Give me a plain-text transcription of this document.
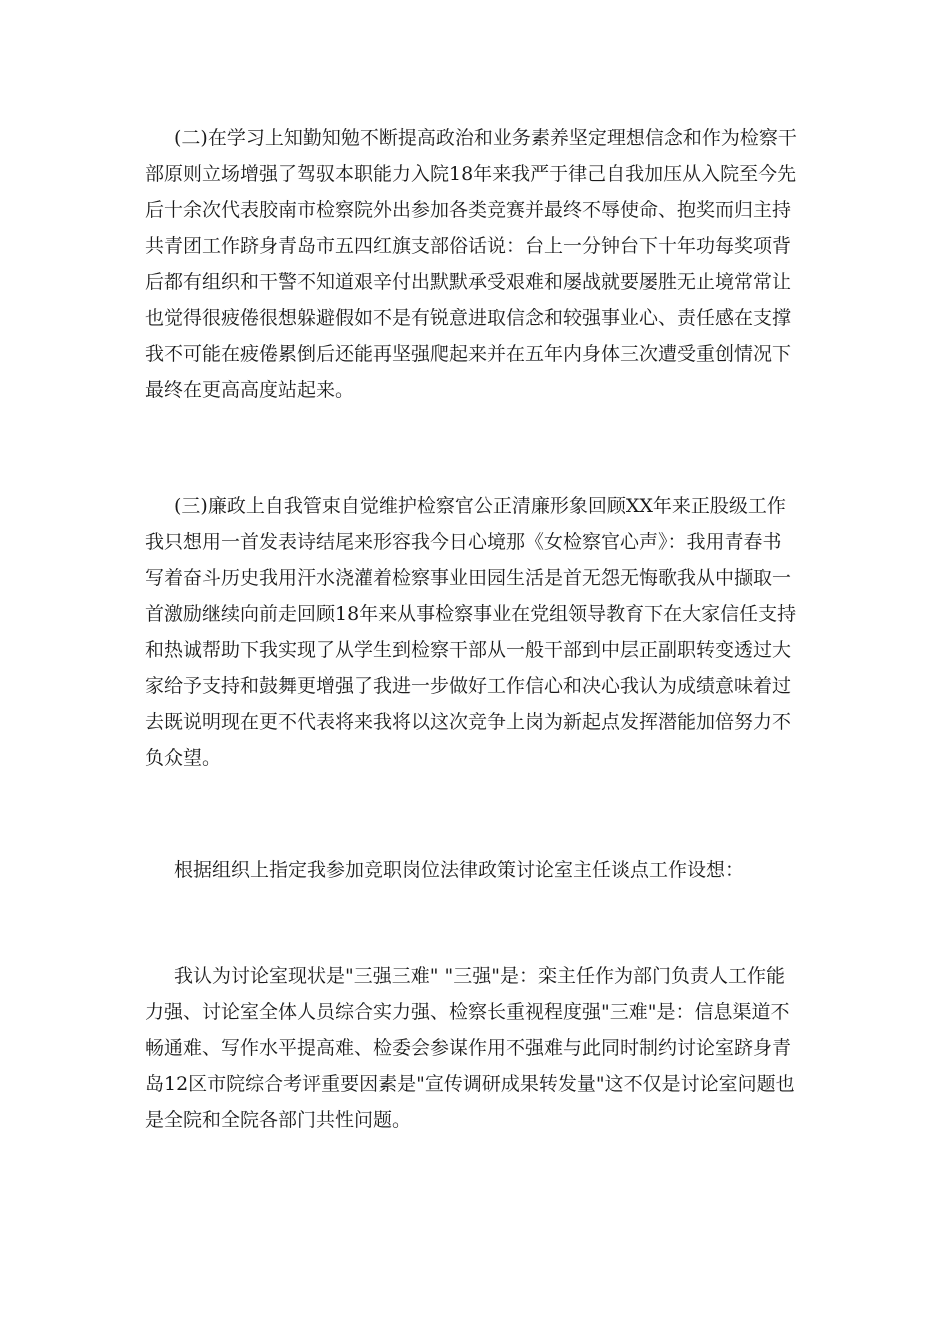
(二)在学习上知勤知勉不断提高政治和业务素养坚定理想信念和作为检察干
部原则立场增强了驾驭本职能力入院18年来我严于律己自我加压从入院至今先
后十余次代表胶南市检察院外出参加各类竞赛并最终不辱使命、抱奖而归主持
共青团工作跻身青岛市五四红旗支部俗话说：台上一分钟台下十年功每奖项背
后都有组织和干警不知道艰辛付出默默承受艰难和屡战就要屡胜无止境常常让
也觉得很疲倦很想躲避假如不是有锐意进取信念和较强事业心、责任感在支撑
我不可能在疲倦累倒后还能再坚强爬起来并在五年内身体三次遭受重创情况下
最终在更高高度站起来。

(三)廉政上自我管束自觉维护检察官公正清廉形象回顾XX年来正股级工作
我只想用一首发表诗结尾来形容我今日心境那《女检察官心声》：我用青春书
写着奋斗历史我用汗水浇灌着检察事业田园生活是首无怨无悔歌我从中撷取一
首激励继续向前走回顾18年来从事检察事业在党组领导教育下在大家信任支持
和热诚帮助下我实现了从学生到检察干部从一般干部到中层正副职转变透过大
家给予支持和鼓舞更增强了我进一步做好工作信心和决心我认为成绩意味着过
去既说明现在更不代表将来我将以这次竞争上岗为新起点发挥潜能加倍努力不
负众望。

根据组织上指定我参加竞职岗位法律政策讨论室主任谈点工作设想：

我认为讨论室现状是"三强三难" "三强"是：栾主任作为部门负责人工作能
力强、讨论室全体人员综合实力强、检察长重视程度强"三难"是：信息渠道不
畅通难、写作水平提高难、检委会参谋作用不强难与此同时制约讨论室跻身青
岛12区市院综合考评重要因素是"宣传调研成果转发量"这不仅是讨论室问题也
是全院和全院各部门共性问题。
